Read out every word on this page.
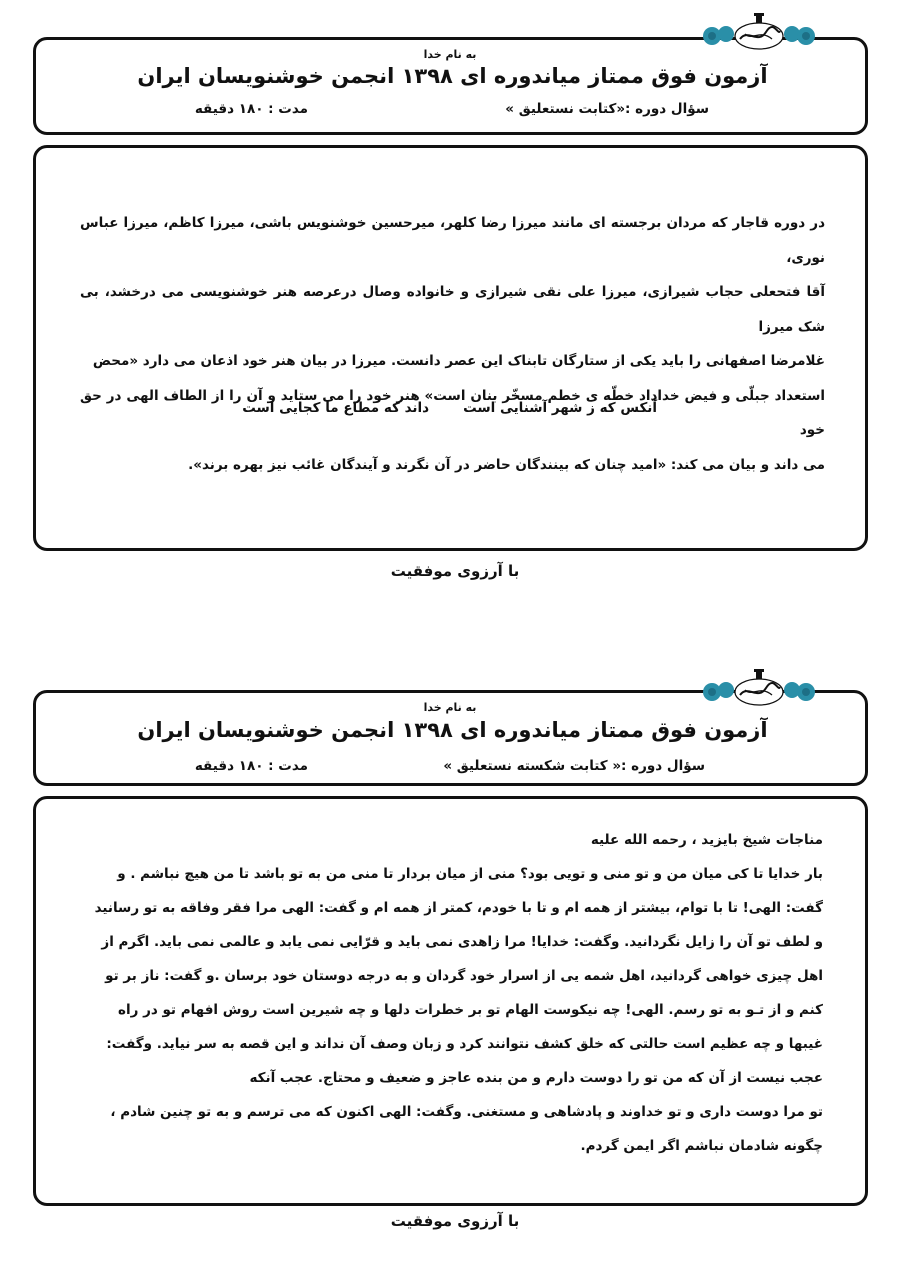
به نام خدا
آزمون فوق ممتاز میاندوره ای ۱۳۹۸ انجمن خوشنویسان ایران
سؤال دوره :«کتابت نستعلیق »
مدت : ۱۸۰ دقیقه

در دوره قاجار که مردان برجسته ای مانند میرزا رضا کلهر، میرحسین خوشنویس باشی، میرزا کاظم، میرزا عباس نوری،

آقا فتحعلی حجاب شیرازی، میرزا علی نقی شیرازی و خانواده وصال درعرصه هنر خوشنویسی می درخشد، بی شک میرزا

غلامرضا اصفهانی را باید یکی از ستارگان تابناک این عصر دانست. میرزا در بیان هنر خود اذعان می دارد «محض

استعداد جبلّی و فیض خداداد خطّه ی خطم مسخّر بنان است» هنر خود را می ستاید و آن را از الطاف الهی در حق خود

می داند و بیان می کند: «امید چنان که بینندگان حاضر در آن نگرند و آیندگان غائب نیز بهره برند».

آنکس که ز شهر آشنایی است
داند که مطاع ما کجایی است
با آرزوی موفقیت
به نام خدا
آزمون فوق ممتاز میاندوره ای ۱۳۹۸ انجمن خوشنویسان ایران
سؤال دوره :« کتابت شکسته نستعلیق »
مدت : ۱۸۰ دقیقه

مناجات شیخ بایزید ، رحمه الله علیه

بار خدایا تا کی میان من و تو منی و تویی بود؟ منی از میان بردار تا منی من به تو باشد تا من هیچ نباشم . و

گفت: الهی! تا با توام، بیشتر از همه ام و تا با خودم، کمتر از همه ام و گفت: الهی مرا فقر وفاقه به تو رسانید

و لطف تو آن را زایل نگردانید. وگفت: خدایا! مرا زاهدی نمی باید و قرّایی نمی یابد و عالمی نمی باید. اگرم از

اهل چیزی خواهی گردانید، اهل شمه یی از اسرار خود گردان و به درجه دوستان خود برسان .و گفت: ناز بر تو

کنم و از تـو به تو رسم. الهی! چه نیکوست الهام تو بر خطرات دلها و چه شیرین است روش افهام تو در راه

غیبها و چه عظیم است حالتی که خلق کشف نتوانند کرد و زبان وصف آن نداند و این قصه به سر نیاید. وگفت:

عجب نیست از آن که من تو را دوست دارم و من بنده عاجز و ضعیف و محتاج. عجب آنکه

تو مرا دوست داری و تو خداوند و پادشاهی و مستغنی. وگفت: الهی اکنون که می ترسم و به تو چنین شادم ،

چگونه شادمان نباشم اگر ایمن گردم.

با آرزوی موفقیت
